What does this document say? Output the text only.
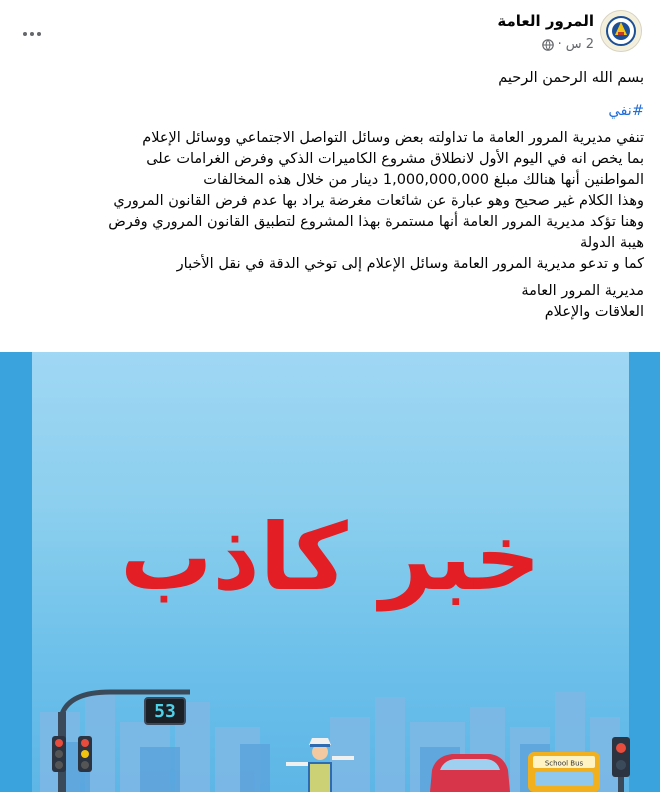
المرور العامة
2 س
·

بسم الله الرحمن الرحيم

#نفي

تنفي مديرية المرور العامة ما تداولته بعض وسائل التواصل الاجتماعي ووسائل الإعلام

بما يخص انه في اليوم الأول لانطلاق مشروع الكاميرات الذكي وفرض الغرامات على

المواطنين أنها هنالك مبلغ 1,000,000,000 دينار من خلال هذه المخالفات

وهذا الكلام غير صحيح وهو عبارة عن شائعات مغرضة يراد بها عدم فرض القانون المروري

وهنا تؤكد مديرية المرور العامة أنها مستمرة بهذا المشروع لتطبيق القانون المروري وفرض

هيبة الدولة

كما و تدعو مديرية المرور العامة وسائل الإعلام إلى توخي الدقة في نقل الأخبار

مديرية المرور العامة

العلاقات والإعلام

خبر كاذب
53
School Bus
